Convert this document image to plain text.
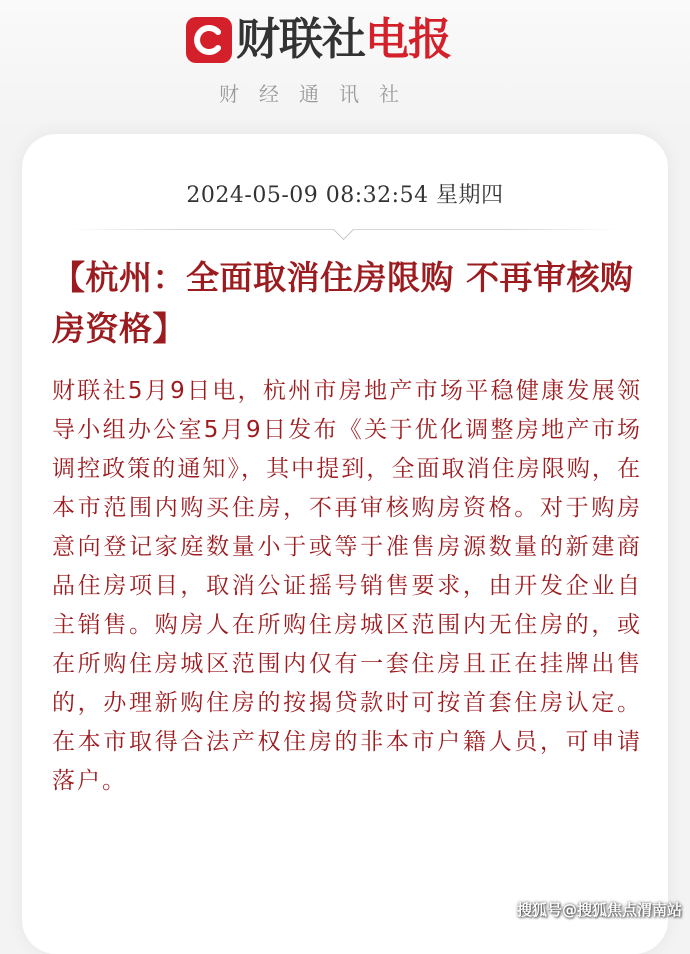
财联社 电报
财经通讯社
2024-05-09 08:32:54 星期四
【杭州：全面取消住房限购 不再审核购房资格】
财联社5月9日电，杭州市房地产市场平稳健康发展领导小组办公室5月9日发布《关于优化调整房地产市场调控政策的通知》，其中提到，全面取消住房限购，在本市范围内购买住房，不再审核购房资格。对于购房意向登记家庭数量小于或等于准售房源数量的新建商品住房项目，取消公证摇号销售要求，由开发企业自主销售。购房人在所购住房城区范围内无住房的，或在所购住房城区范围内仅有一套住房且正在挂牌出售的，办理新购住房的按揭贷款时可按首套住房认定。在本市取得合法产权住房的非本市户籍人员，可申请落户。
搜狐号@搜狐焦点渭南站
